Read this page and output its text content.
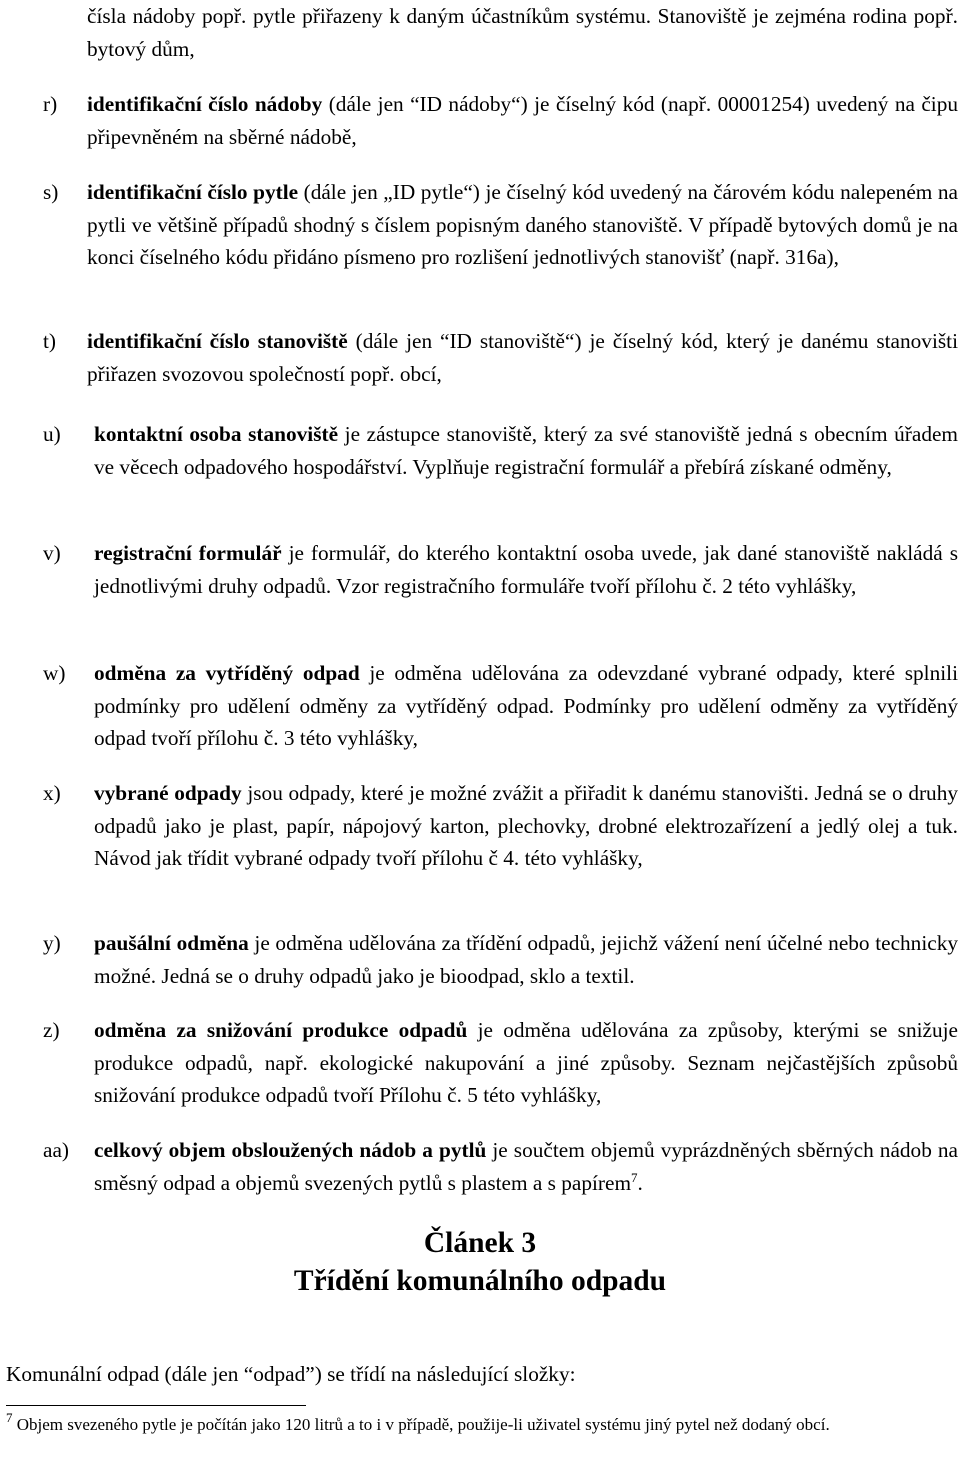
čísla nádoby popř. pytle přiřazeny k daným účastníkům systému. Stanoviště je zejména rodina popř. bytový dům,
r) identifikační číslo nádoby (dále jen “ID nádoby“) je číselný kód (např. 00001254) uvedený na čipu připevněném na sběrné nádobě,
s) identifikační číslo pytle (dále jen „ID pytle“) je číselný kód uvedený na čárovém kódu nalepeném na pytli ve většině případů shodný s číslem popisným daného stanoviště. V případě bytových domů je na konci číselného kódu přidáno písmeno pro rozlišení jednotlivých stanovišť (např. 316a),
t) identifikační číslo stanoviště (dále jen “ID stanoviště“) je číselný kód, který je danému stanovišti přiřazen svozovou společností popř. obcí,
u) kontaktní osoba stanoviště je zástupce stanoviště, který za své stanoviště jedná s obecním úřadem ve věcech odpadového hospodářství. Vyplňuje registrační formulář a přebírá získané odměny,
v) registrační formulář je formulář, do kterého kontaktní osoba uvede, jak dané stanoviště nakládá s jednotlivými druhy odpadů. Vzor registračního formuláře tvoří přílohu č. 2 této vyhlášky,
w) odměna za vytříděný odpad je odměna udělována za odevzdané vybrané odpady, které splnili podmínky pro udělení odměny za vytříděný odpad. Podmínky pro udělení odměny za vytříděný odpad tvoří přílohu č. 3 této vyhlášky,
x) vybrané odpady jsou odpady, které je možné zvážit a přiřadit k danému stanovišti. Jedná se o druhy odpadů jako je plast, papír, nápojový karton, plechovky, drobné elektrozařízení a jedlý olej a tuk. Návod jak třídit vybrané odpady tvoří přílohu č 4. této vyhlášky,
y) paušální odměna je odměna udělována za třídění odpadů, jejichž vážení není účelné nebo technicky možné. Jedná se o druhy odpadů jako je bioodpad, sklo a textil.
z) odměna za snižování produkce odpadů je odměna udělována za způsoby, kterými se snižuje produkce odpadů, např. ekologické nakupování a jiné způsoby. Seznam nejčastějších způsobů snižování produkce odpadů tvoří Přílohu č. 5 této vyhlášky,
aa) celkový objem obsloužených nádob a pytlů je součtem objemů vyprázdněných sběrných nádob na směsný odpad a objemů svezených pytlů s plastem a s papírem$^7$.
Článek 3
Třídění komunálního odpadu
Komunální odpad (dále jen “odpad”) se třídí na následující složky:
$^7$ Objem svezeného pytle je počítán jako 120 litrů a to i v případě, použije-li uživatel systému jiný pytel než dodaný obcí.
